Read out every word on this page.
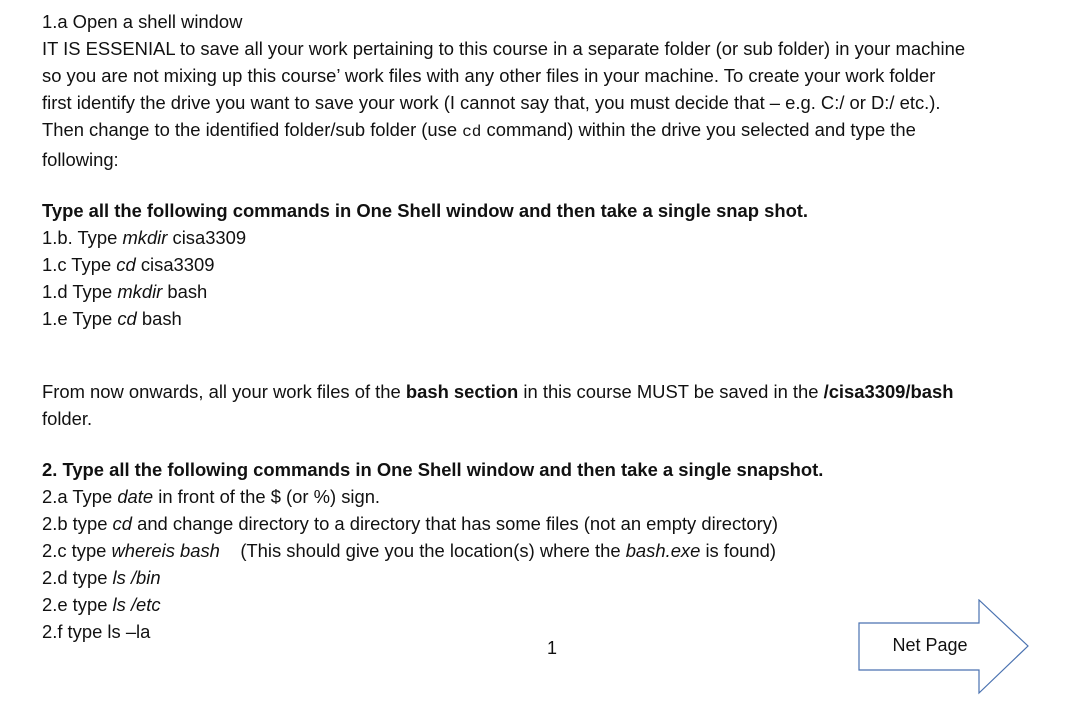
1.a Open a shell window
IT IS ESSENIAL to save all your work pertaining to this course in a separate folder (or sub folder) in your machine
so you are not mixing up this course’ work files with any other files in your machine. To create your work folder
first identify the drive you want to save your work (I cannot say that, you must decide that – e.g. C:/ or D:/ etc.).
Then change to the identified folder/sub folder (use cd command) within the drive you selected and type the
following:
Type all the following commands in One Shell window and then take a single snap shot.
1.b. Type mkdir cisa3309
1.c Type cd cisa3309
1.d Type mkdir bash
1.e Type cd bash
From now onwards, all your work files of the bash section in this course MUST be saved in the /cisa3309/bash
folder.
2. Type all the following commands in One Shell window and then take a single snapshot.
2.a Type date in front of the $ (or %) sign.
2.b type cd and change directory to a directory that has some files (not an empty directory)
2.c type whereis bash    (This should give you the location(s) where the bash.exe is found)
2.d type ls /bin
2.e type ls /etc
2.f type ls –la
1	Net Page
